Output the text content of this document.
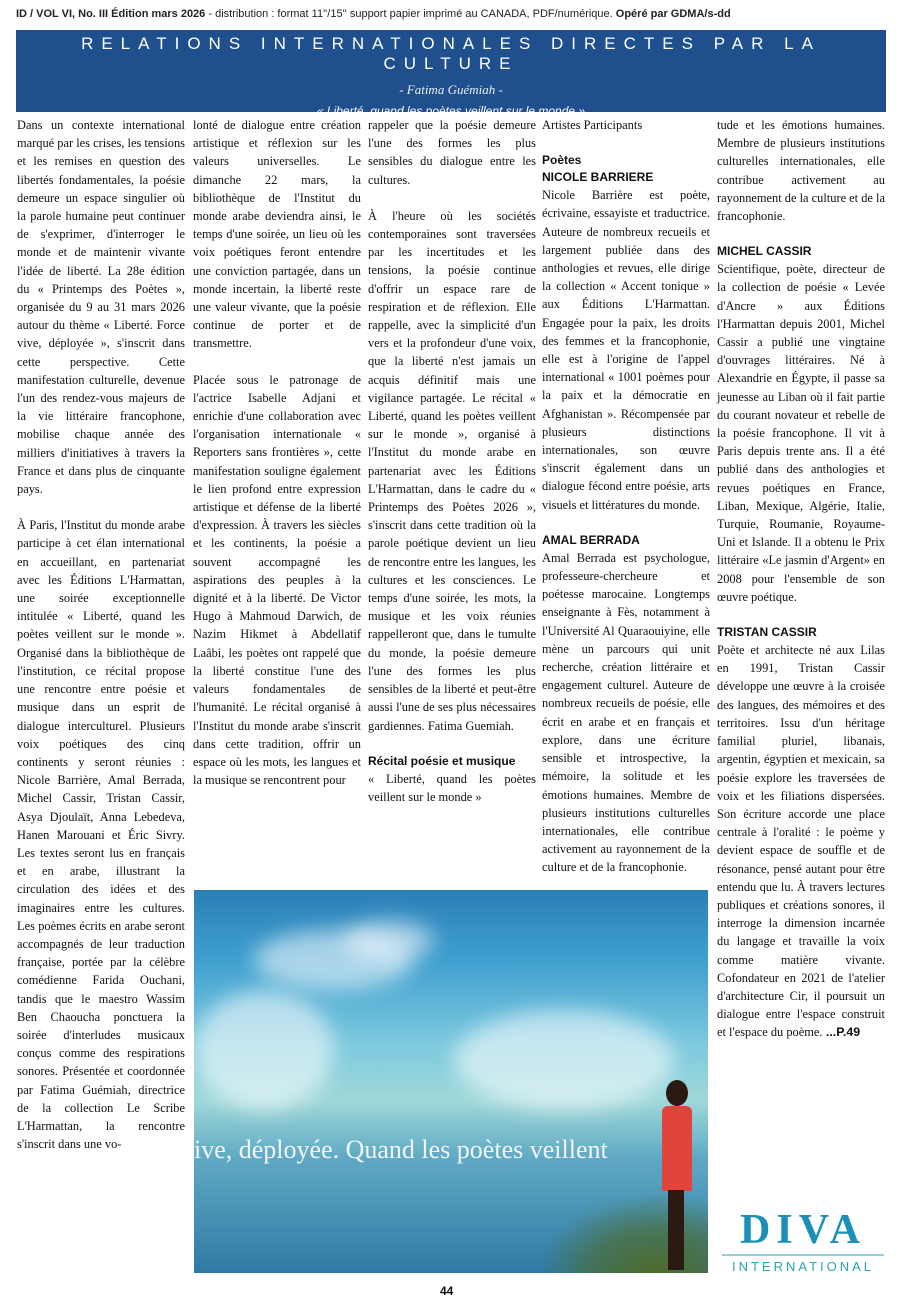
ID / VOL VI, No. III Édition mars 2026 - distribution : format 11''/15'' support papier imprimé au CANADA, PDF/numérique. Opéré par GDMA/s-dd
RELATIONS INTERNATIONALES DIRECTES PAR LA CULTURE
- Fatima Guémiah -
« Liberté, quand les poètes veillent sur le monde »

Dans un contexte international marqué par les crises, les tensions et les remises en question des libertés fondamentales, la poésie demeure un espace singulier où la parole humaine peut continuer de s'exprimer, d'interroger le monde et de maintenir vivante l'idée de liberté. La 28e édition du « Printemps des Poètes », organisée du 9 au 31 mars 2026 autour du thème « Liberté. Force vive, déployée », s'inscrit dans cette perspective. Cette manifestation culturelle, devenue l'un des rendez-vous majeurs de la vie littéraire francophone, mobilise chaque année des milliers d'initiatives à travers la France et dans plus de cinquante pays.

À Paris, l'Institut du monde arabe participe à cet élan international en accueillant, en partenariat avec les Éditions L'Harmattan, une soirée exceptionnelle intitulée « Liberté, quand les poètes veillent sur le monde ». Organisé dans la bibliothèque de l'institution, ce récital propose une rencontre entre poésie et musique dans un esprit de dialogue interculturel. Plusieurs voix poétiques des cinq continents y seront réunies : Nicole Barrière, Amal Berrada, Michel Cassir, Tristan Cassir, Asya Djoulaït, Anna Lebedeva, Hanen Marouani et Éric Sivry. Les textes seront lus en français et en arabe, illustrant la circulation des idées et des imaginaires entre les cultures. Les poèmes écrits en arabe seront accompagnés de leur traduction française, portée par la célèbre comédienne Farida Ouchani, tandis que le maestro Wassim Ben Chaoucha ponctuera la soirée d'interludes musicaux conçus comme des respirations sonores. Présentée et coordonnée par Fatima Guémiah, directrice de la collection Le Scribe L'Harmattan, la rencontre s'inscrit dans une vo-

lonté de dialogue entre création artistique et réflexion sur les valeurs universelles. Le dimanche 22 mars, la bibliothèque de l'Institut du monde arabe deviendra ainsi, le temps d'une soirée, un lieu où les voix poétiques feront entendre une conviction partagée, dans un monde incertain, la liberté reste une valeur vivante, que la poésie continue de porter et de transmettre.

Placée sous le patronage de l'actrice Isabelle Adjani et enrichie d'une collaboration avec l'organisation internationale « Reporters sans frontières », cette manifestation souligne également le lien profond entre expression artistique et défense de la liberté d'expression. À travers les siècles et les continents, la poésie a souvent accompagné les aspirations des peuples à la dignité et à la liberté. De Victor Hugo à Mahmoud Darwich, de Nazim Hikmet à Abdellatif Laâbi, les poètes ont rappelé que la liberté constitue l'une des valeurs fondamentales de l'humanité. Le récital organisé à l'Institut du monde arabe s'inscrit dans cette tradition, offrir un espace où les mots, les langues et la musique se rencontrent pour

rappeler que la poésie demeure l'une des formes les plus sensibles du dialogue entre les cultures.

À l'heure où les sociétés contemporaines sont traversées par les incertitudes et les tensions, la poésie continue d'offrir un espace rare de respiration et de réflexion. Elle rappelle, avec la simplicité d'un vers et la profondeur d'une voix, que la liberté n'est jamais un acquis définitif mais une vigilance partagée. Le récital « Liberté, quand les poètes veillent sur le monde », organisé à l'Institut du monde arabe en partenariat avec les Éditions L'Harmattan, dans le cadre du « Printemps des Poètes 2026 », s'inscrit dans cette tradition où la parole poétique devient un lieu de rencontre entre les langues, les cultures et les consciences. Le temps d'une soirée, les mots, la musique et les voix réunies rappelleront que, dans le tumulte du monde, la poésie demeure l'une des formes les plus sensibles de la liberté et peut-être aussi l'une de ses plus nécessaires gardiennes. Fatima Guemiah.

Récital poésie et musique
« Liberté, quand les poètes veillent sur le monde »
Artistes Participants
Poètes
NICOLE BARRIERE

Nicole Barrière est poète, écrivaine, essayiste et traductrice. Auteure de nombreux recueils et largement publiée dans des anthologies et revues, elle dirige la collection « Accent tonique » aux Éditions L'Harmattan. Engagée pour la paix, les droits des femmes et la francophonie, elle est à l'origine de l'appel international « 1001 poèmes pour la paix et la démocratie en Afghanistan ». Récompensée par plusieurs distinctions internationales, son œuvre s'inscrit également dans un dialogue fécond entre poésie, arts visuels et littératures du monde.

AMAL BERRADA

Amal Berrada est psychologue, professeure-chercheure et poétesse marocaine. Longtemps enseignante à Fès, notamment à l'Université Al Quaraouiyine, elle mène un parcours qui unit recherche, création littéraire et engagement culturel. Auteure de nombreux recueils de poésie, elle écrit en arabe et en français et explore, dans une écriture sensible et introspective, la mémoire, la solitude et les émotions humaines. Membre de plusieurs institutions culturelles internationales, elle contribue activement au rayonnement de la culture et de la francophonie.

tude et les émotions humaines. Membre de plusieurs institutions culturelles internationales, elle contribue activement au rayonnement de la culture et de la francophonie.

MICHEL CASSIR

Scientifique, poète, directeur de la collection de poésie « Levée d'Ancre » aux Éditions l'Harmattan depuis 2001, Michel Cassir a publié une vingtaine d'ouvrages littéraires. Né à Alexandrie en Égypte, il passe sa jeunesse au Liban où il fait partie du courant novateur et rebelle de la poésie francophone. Il vit à Paris depuis trente ans. Il a été publié dans des anthologies et revues poétiques en France, Liban, Mexique, Algérie, Italie, Turquie, Roumanie, Royaume-Uni et Islande. Il a obtenu le Prix littéraire «Le jasmin d'Argent» en 2008 pour l'ensemble de son œuvre poétique.

TRISTAN CASSIR

Poète et architecte né aux Lilas en 1991, Tristan Cassir développe une œuvre à la croisée des langues, des mémoires et des territoires. Issu d'un héritage familial pluriel, libanais, argentin, égyptien et mexicain, sa poésie explore les traversées de voix et les filiations dispersées. Son écriture accorde une place centrale à l'oralité : le poème y devient espace de souffle et de résonance, pensé autant pour être entendu que lu. À travers lectures publiques et créations sonores, il interroge la dimension incarnée du langage et travaille la voix comme matière vivante. Cofondateur en 2021 de l'atelier d'architecture Cir, il poursuit un dialogue entre l'espace construit et l'espace du poème. ...P.49

ive, déployée. Quand les poètes veillent
DIVA
INTERNATIONAL
44
